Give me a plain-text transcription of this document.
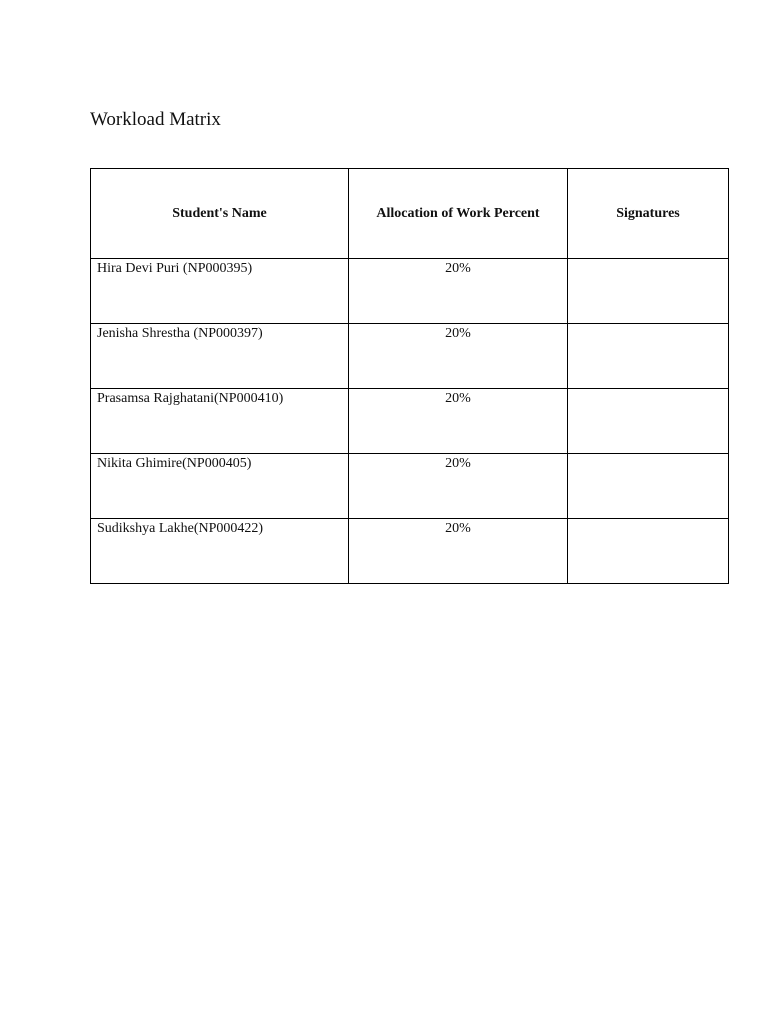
Workload Matrix
Student's Name	Allocation of Work Percent	Signatures
Hira Devi Puri (NP000395)	20%	
Jenisha Shrestha (NP000397)	20%	
Prasamsa Rajghatani(NP000410)	20%	
Nikita Ghimire(NP000405)	20%	
Sudikshya Lakhe(NP000422)	20%	
